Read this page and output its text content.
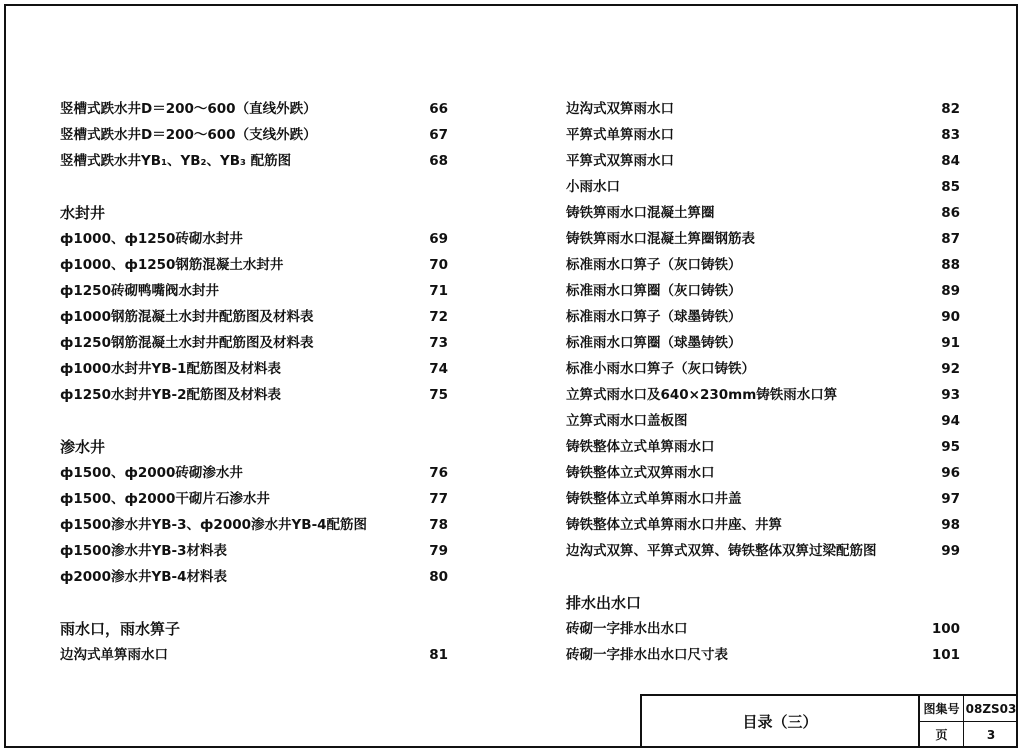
竖槽式跌水井D＝200～600（直线外跌）	66
竖槽式跌水井D＝200～600（支线外跌）	67
竖槽式跌水井YB₁、YB₂、YB₃ 配筋图	68
水封井
ф1000、ф1250砖砌水封井	69
ф1000、ф1250钢筋混凝土水封井	70
ф1250砖砌鸭嘴阀水封井	71
ф1000钢筋混凝土水封井配筋图及材料表	72
ф1250钢筋混凝土水封井配筋图及材料表	73
ф1000水封井YB-1配筋图及材料表	74
ф1250水封井YB-2配筋图及材料表	75
渗水井
ф1500、ф2000砖砌渗水井	76
ф1500、ф2000干砌片石渗水井	77
ф1500渗水井YB-3、ф2000渗水井YB-4配筋图	78
ф1500渗水井YB-3材料表	79
ф2000渗水井YB-4材料表	80
雨水口，雨水箅子
边沟式单箅雨水口	81
边沟式双箅雨水口	82
平箅式单箅雨水口	83
平箅式双箅雨水口	84
小雨水口	85
铸铁箅雨水口混凝土箅圈	86
铸铁箅雨水口混凝土箅圈钢筋表	87
标准雨水口箅子（灰口铸铁）	88
标准雨水口箅圈（灰口铸铁）	89
标准雨水口箅子（球墨铸铁）	90
标准雨水口箅圈（球墨铸铁）	91
标准小雨水口箅子（灰口铸铁）	92
立箅式雨水口及640×230mm铸铁雨水口箅	93
立箅式雨水口盖板图	94
铸铁整体立式单箅雨水口	95
铸铁整体立式双箅雨水口	96
铸铁整体立式单箅雨水口井盖	97
铸铁整体立式单箅雨水口井座、井箅	98
边沟式双箅、平箅式双箅、铸铁整体双箅过梁配筋图	99
排水出水口
砖砌一字排水出水口	100
砖砌一字排水出水口尺寸表	101
目录（三）
图集号 08ZS03
页	3
